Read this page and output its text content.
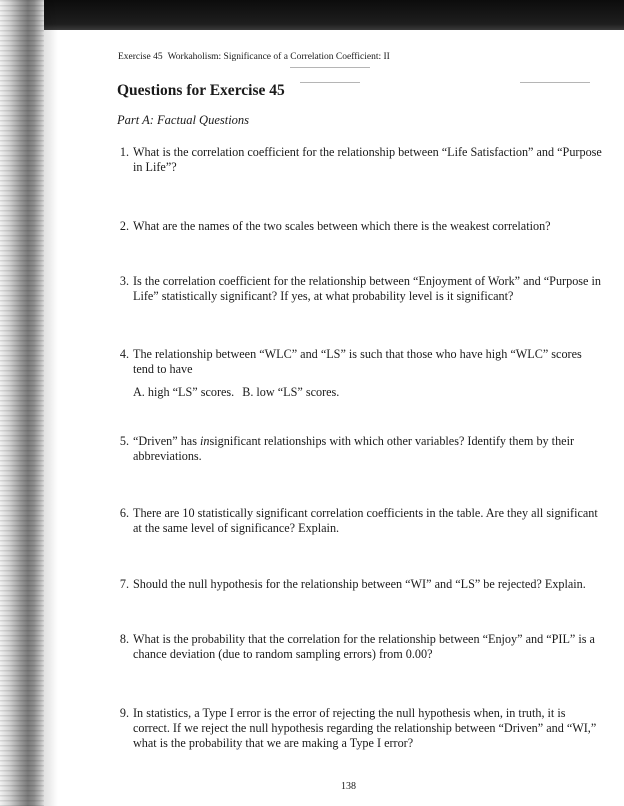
Exercise 45 Workaholism: Significance of a Correlation Coefficient: II
Questions for Exercise 45
Part A: Factual Questions
1. What is the correlation coefficient for the relationship between “Life Satisfaction” and “Purpose in Life”?
2. What are the names of the two scales between which there is the weakest correlation?
3. Is the correlation coefficient for the relationship between “Enjoyment of Work” and “Purpose in Life” statistically significant? If yes, at what probability level is it significant?
4. The relationship between “WLC” and “LS” is such that those who have high “WLC” scores tend to have
A. high “LS” scores. B. low “LS” scores.
5. “Driven” has insignificant relationships with which other variables? Identify them by their abbreviations.
6. There are 10 statistically significant correlation coefficients in the table. Are they all significant at the same level of significance? Explain.
7. Should the null hypothesis for the relationship between “WI” and “LS” be rejected? Explain.
8. What is the probability that the correlation for the relationship between “Enjoy” and “PIL” is a chance deviation (due to random sampling errors) from 0.00?
9. In statistics, a Type I error is the error of rejecting the null hypothesis when, in truth, it is correct. If we reject the null hypothesis regarding the relationship between “Driven” and “WI,” what is the probability that we are making a Type I error?
138
